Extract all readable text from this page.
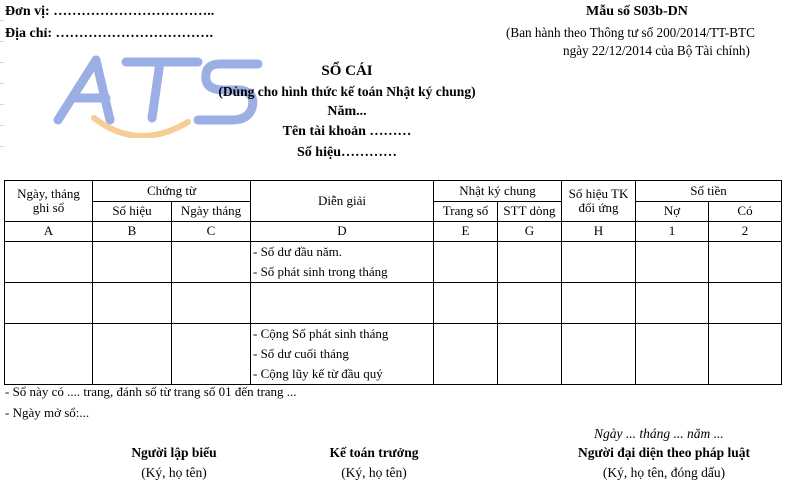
Đơn vị: ……………………………..
Địa chỉ: …………………………….
Mẫu số S03b-DN
(Ban hành theo Thông tư số 200/2014/TT-BTC
ngày 22/12/2014 của Bộ Tài chính)
SỔ CÁI
(Dùng cho hình thức kế toán Nhật ký chung)
Năm...
Tên tài khoản ………
Số hiệu…………
Ngày, tháng
ghi sổ	Chứng từ		Diễn giải	Nhật ký chung		Số hiệu TK
đối ứng	Số tiền	
	Số hiệu	Ngày tháng		Trang số	STT dòng		Nợ	Có
A	B	C	D	E	G	H	1	2

			- Số dư đầu năm.
- Số phát sinh trong tháng					

			- Cộng Số phát sinh tháng
- Số dư cuối tháng
- Cộng lũy kế từ đầu quý					

- Sổ này có .... trang, đánh số từ trang số 01 đến trang ...
- Ngày mở sổ:...
Ngày ... tháng ... năm ...
Người lập biểu
(Ký, họ tên)
Kế toán trưởng
(Ký, họ tên)
Người đại diện theo pháp luật
(Ký, họ tên, đóng dấu)
